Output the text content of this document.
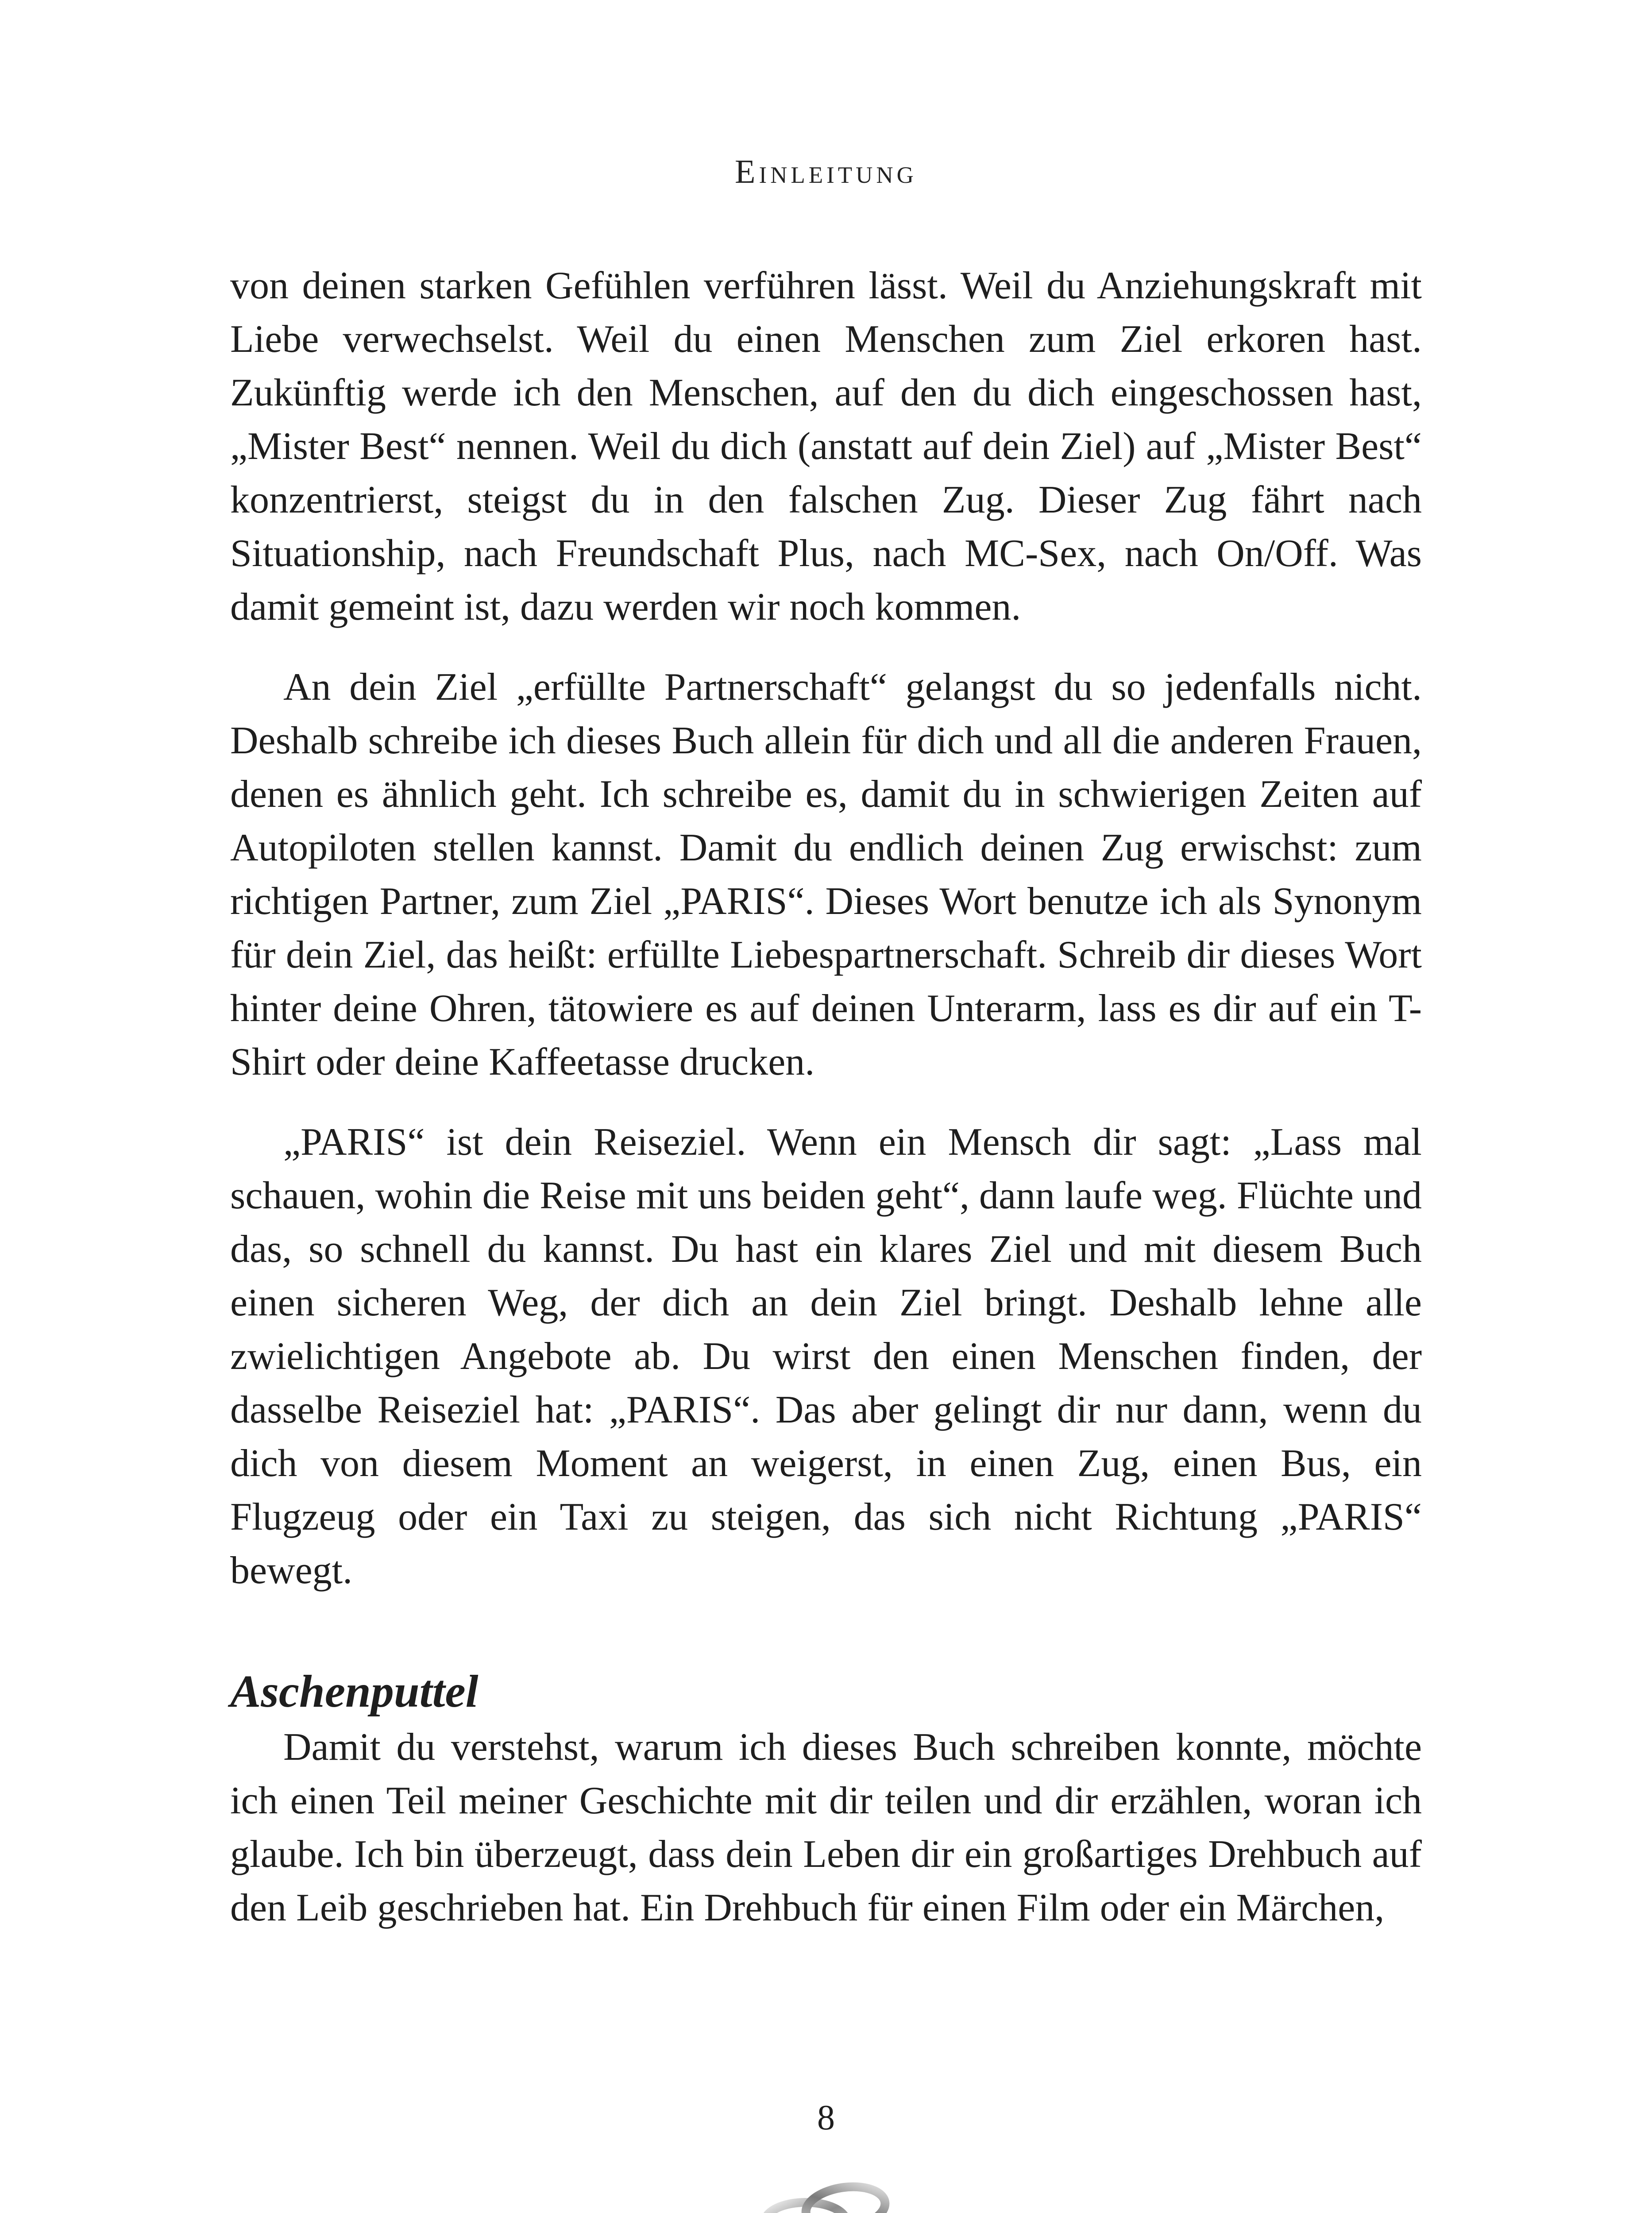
Einleitung

von deinen starken Gefühlen verführen lässt. Weil du Anziehungskraft mit Liebe verwechselst. Weil du einen Menschen zum Ziel erkoren hast. Zukünftig werde ich den Menschen, auf den du dich eingeschossen hast, „Mister Best“ nennen. Weil du dich (anstatt auf dein Ziel) auf „Mister Best“ konzentrierst, steigst du in den falschen Zug. Dieser Zug fährt nach Situationship, nach Freundschaft Plus, nach MC-Sex, nach On/Off. Was damit gemeint ist, dazu werden wir noch kommen.

An dein Ziel „erfüllte Partnerschaft“ gelangst du so jedenfalls nicht. Deshalb schreibe ich dieses Buch allein für dich und all die anderen Frauen, denen es ähnlich geht. Ich schreibe es, damit du in schwierigen Zeiten auf Autopiloten stellen kannst. Damit du endlich deinen Zug erwischst: zum richtigen Partner, zum Ziel „PARIS“. Dieses Wort benutze ich als Synonym für dein Ziel, das heißt: erfüllte Liebespartnerschaft. Schreib dir dieses Wort hinter deine Ohren, tätowiere es auf deinen Unterarm, lass es dir auf ein T-Shirt oder deine Kaffeetasse drucken.

„PARIS“ ist dein Reiseziel. Wenn ein Mensch dir sagt: „Lass mal schauen, wohin die Reise mit uns beiden geht“, dann laufe weg. Flüchte und das, so schnell du kannst. Du hast ein klares Ziel und mit diesem Buch einen sicheren Weg, der dich an dein Ziel bringt. Deshalb lehne alle zwielichtigen Angebote ab. Du wirst den einen Menschen finden, der dasselbe Reiseziel hat: „PARIS“. Das aber gelingt dir nur dann, wenn du dich von diesem Moment an weigerst, in einen Zug, einen Bus, ein Flugzeug oder ein Taxi zu steigen, das sich nicht Richtung „PARIS“ bewegt.

Aschenputtel

Damit du verstehst, warum ich dieses Buch schreiben konnte, möchte ich einen Teil meiner Geschichte mit dir teilen und dir erzählen, woran ich glaube. Ich bin überzeugt, dass dein Leben dir ein großartiges Drehbuch auf den Leib geschrieben hat. Ein Drehbuch für einen Film oder ein Märchen,

8
